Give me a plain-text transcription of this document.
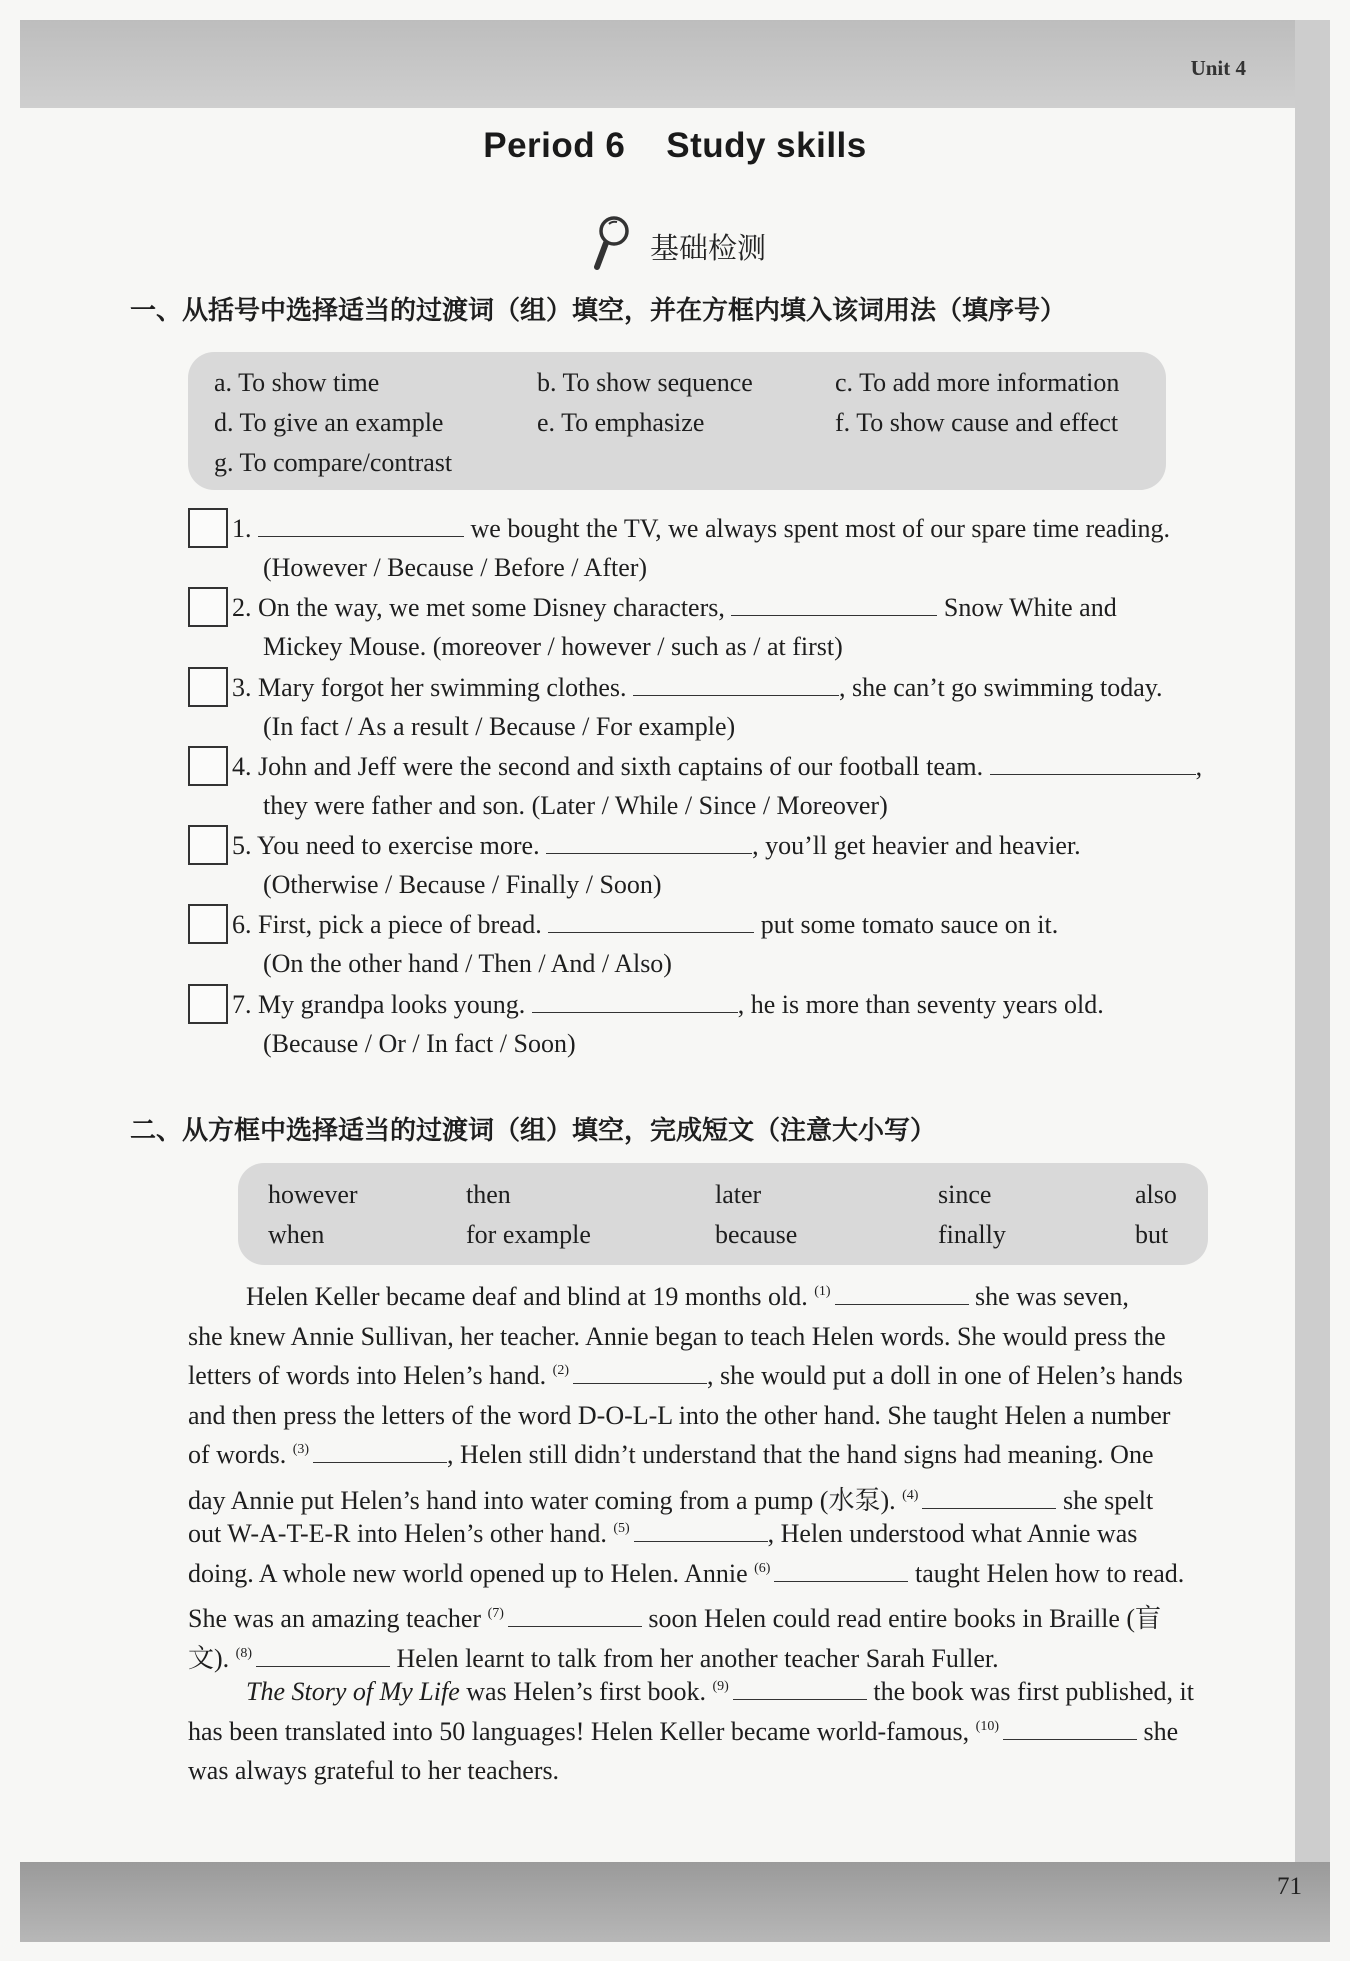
Unit 4
71
Period 6    Study skills
基础检测
一、从括号中选择适当的过渡词（组）填空，并在方框内填入该词用法（填序号）
a. To show time	b. To show sequence	c. To add more information
d. To give an example	e. To emphasize	f. To show cause and effect
g. To compare/contrast
1.	we bought the TV, we always spent most of our spare time reading.
(However / Because / Before / After)
2. On the way, we met some Disney characters,	Snow White and
Mickey Mouse. (moreover / however / such as / at first)
3. Mary forgot her swimming clothes.	, she can’t go swimming today.
(In fact / As a result / Because / For example)
4. John and Jeff were the second and sixth captains of our football team.	,
they were father and son. (Later / While / Since / Moreover)
5. You need to exercise more.	, you’ll get heavier and heavier.
(Otherwise / Because / Finally / Soon)
6. First, pick a piece of bread.	put some tomato sauce on it.
(On the other hand / Then / And / Also)
7. My grandpa looks young.	, he is more than seventy years old.
(Because / Or / In fact / Soon)
二、从方框中选择适当的过渡词（组）填空，完成短文（注意大小写）
however	then	later	since	also
when	for example	because	finally	but
Helen Keller became deaf and blind at 19 months old. $^{(1)}$	she was seven,
she knew Annie Sullivan, her teacher. Annie began to teach Helen words. She would press the
letters of words into Helen’s hand. $^{(2)}$	, she would put a doll in one of Helen’s hands
and then press the letters of the word D-O-L-L into the other hand. She taught Helen a number
of words. $^{(3)}$	, Helen still didn’t understand that the hand signs had meaning. One
day Annie put Helen’s hand into water coming from a pump (水泵). $^{(4)}$	she spelt
out W-A-T-E-R into Helen’s other hand. $^{(5)}$	, Helen understood what Annie was
doing. A whole new world opened up to Helen. Annie $^{(6)}$	taught Helen how to read.
She was an amazing teacher $^{(7)}$	soon Helen could read entire books in Braille (盲
文). $^{(8)}$	Helen learnt to talk from her another teacher Sarah Fuller.
The Story of My Life was Helen’s first book. $^{(9)}$	the book was first published, it
has been translated into 50 languages! Helen Keller became world-famous, $^{(10)}$	she
was always grateful to her teachers.
